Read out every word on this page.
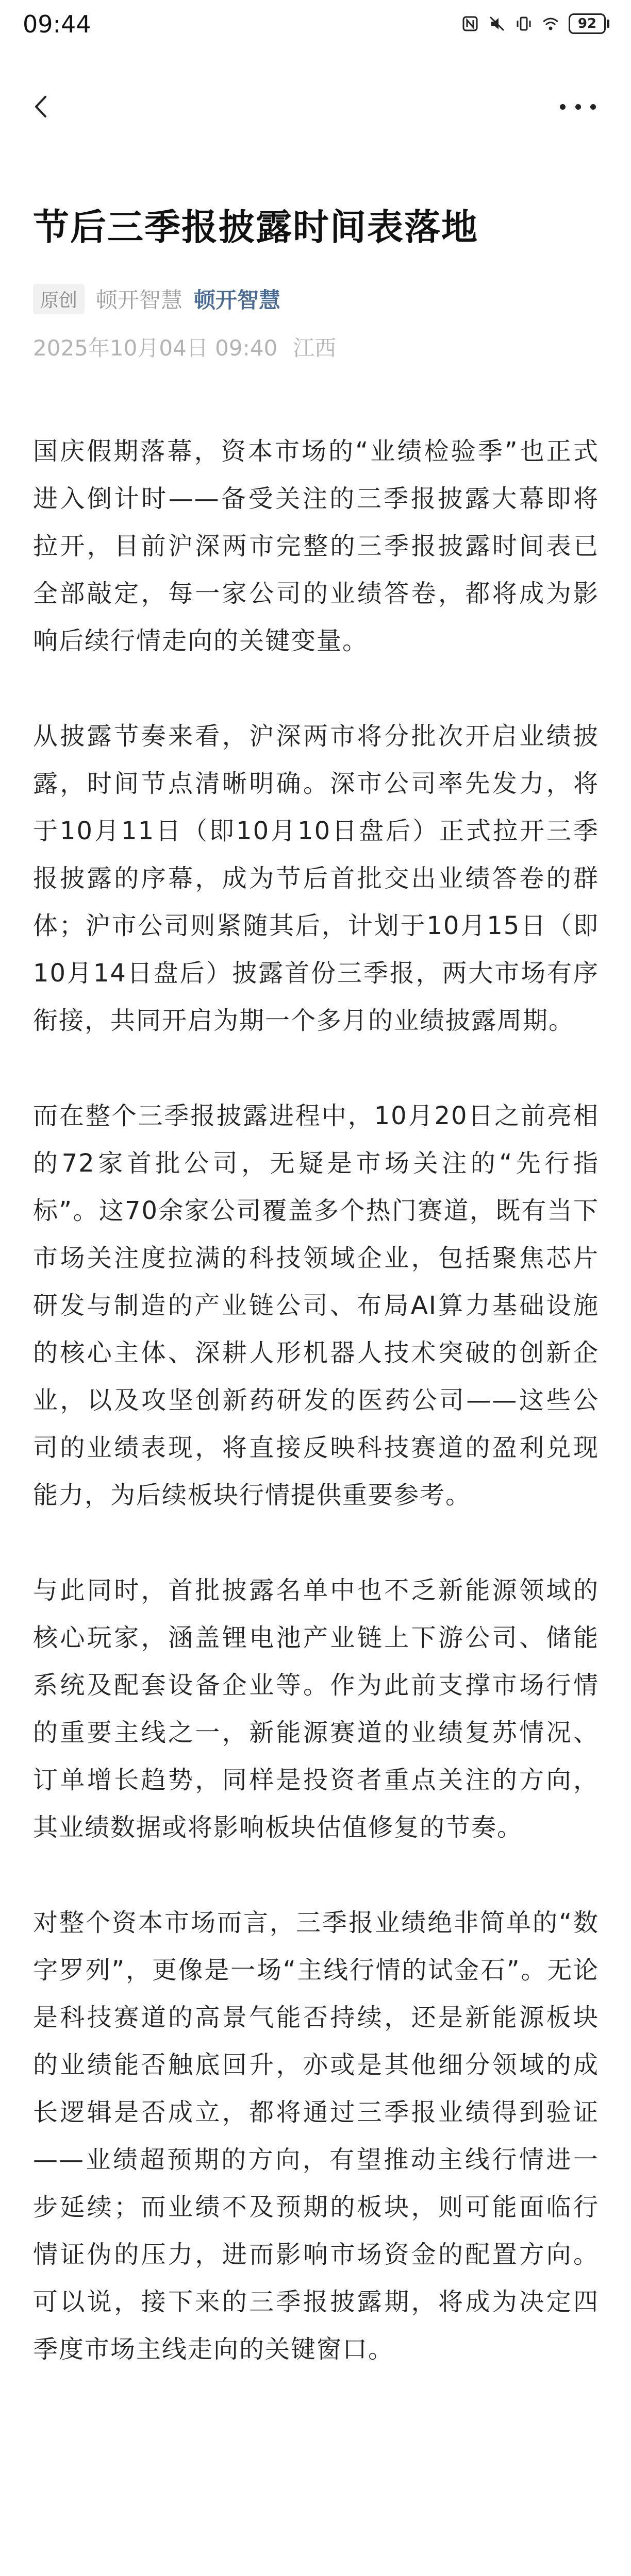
09:44	92
节后三季报披露时间表落地
原创 顿开智慧 顿开智慧
2025年10月04日 09:40 江西

国庆假期落幕，资本市场的“业绩检验季”也正式进入倒计时——备受关注的三季报披露大幕即将拉开，目前沪深两市完整的三季报披露时间表已全部敲定，每一家公司的业绩答卷，都将成为影响后续行情走向的关键变量。

从披露节奏来看，沪深两市将分批次开启业绩披露，时间节点清晰明确。深市公司率先发力，将于10月11日（即10月10日盘后）正式拉开三季报披露的序幕，成为节后首批交出业绩答卷的群体；沪市公司则紧随其后，计划于10月15日（即10月14日盘后）披露首份三季报，两大市场有序衔接，共同开启为期一个多月的业绩披露周期。

而在整个三季报披露进程中，10月20日之前亮相的72家首批公司，无疑是市场关注的“先行指标”。这70余家公司覆盖多个热门赛道，既有当下市场关注度拉满的科技领域企业，包括聚焦芯片研发与制造的产业链公司、布局AI算力基础设施的核心主体、深耕人形机器人技术突破的创新企业，以及攻坚创新药研发的医药公司——这些公司的业绩表现，将直接反映科技赛道的盈利兑现能力，为后续板块行情提供重要参考。

与此同时，首批披露名单中也不乏新能源领域的核心玩家，涵盖锂电池产业链上下游公司、储能系统及配套设备企业等。作为此前支撑市场行情的重要主线之一，新能源赛道的业绩复苏情况、订单增长趋势，同样是投资者重点关注的方向，其业绩数据或将影响板块估值修复的节奏。

对整个资本市场而言，三季报业绩绝非简单的“数字罗列”，更像是一场“主线行情的试金石”。无论是科技赛道的高景气能否持续，还是新能源板块的业绩能否触底回升，亦或是其他细分领域的成长逻辑是否成立，都将通过三季报业绩得到验证——业绩超预期的方向，有望推动主线行情进一步延续；而业绩不及预期的板块，则可能面临行情证伪的压力，进而影响市场资金的配置方向。可以说，接下来的三季报披露期，将成为决定四季度市场主线走向的关键窗口。
